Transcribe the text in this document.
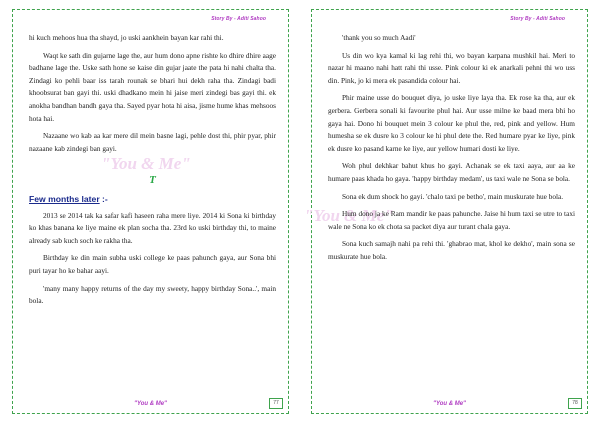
Story By - Aditi Sahoo

hi kuch mehoos hua tha shayd, jo uski aankhein bayan kar rahi thi.

Waqt ke sath din gujarne lage the, aur hum dono apne rishte ko dhire dhire aage badhane lage the. Uske sath hone se kaise din gujar jaate the pata hi nahi chalta tha. Zindagi ko pehli baar iss tarah rounak se bhari hui dekh raha tha. Zindagi badi khoobsurat ban gayi thi. uski dhadkano mein hi jaise meri zindegi bas gayi thi. ek anokha bandhan bandh gaya tha. Sayed pyar hota hi aisa, jisme hume khas mehsoos hota hai.

Nazaane wo kab aa kar mere dil mein basne lagi, pehle dost thi, phir pyar, phir nazaane kab zindegi ban gayi.

"You & Me"
T
Few months later :-

2013 se 2014 tak ka safar kafi haseen raha mere liye. 2014 ki Sona ki birthday ko khas banana ke liye maine ek plan socha tha. 23rd ko uski birthday thi, to maine already sab kuch soch ke rakha tha.

Birthday ke din main subha uski college ke paas pahunch gaya, aur Sona bhi puri tayar ho ke bahar aayi.

'many many happy returns of the day my sweety, happy birthday Sona..', main bola.

"You & Me"	77
Story By - Aditi Sahoo
"You & Me"

'thank you so much Aadi'

Us din wo kya kamal ki lag rehi thi, wo bayan karpana mushkil hai. Meri to nazar hi maano nahi hatt rahi thi usse. Pink colour ki ek anarkali pehni thi wo uss din. Pink, jo ki mera ek pasandida colour hai.

Phir maine usse do bouquet diya, jo uske liye laya tha. Ek rose ka tha, aur ek gerbera. Gerbera sonali ki favourite phul hai. Aur usse milne ke baad mera bhi ho gaya hai. Dono hi bouquet mein 3 colour ke phul the, red, pink and yellow. Hum humesha se ek dusre ko 3 colour ke hi phul dete the. Red humare pyar ke liye, pink ek dusre ko pasand karne ke liye, aur yellow humari dosti ke liye.

Woh phul dekhkar bahut khus ho gayi. Achanak se ek taxi aaya, aur aa ke humare paas khada ho gaya. 'happy birthday medam', us taxi wale ne Sona se bola.

Sona ek dum shock ho gayi. 'chalo taxi pe betho', main muskurate hue bola.

Hum dono ja ke Ram mandir ke paas pahunche. Jaise hi hum taxi se utre to taxi wale ne Sona ko ek chota sa packet diya aur turant chala gaya.

Sona kuch samajh nahi pa rehi thi. 'ghabrao mat, khol ke dekho', main sona se muskurate hue bola.

"You & Me"	78
